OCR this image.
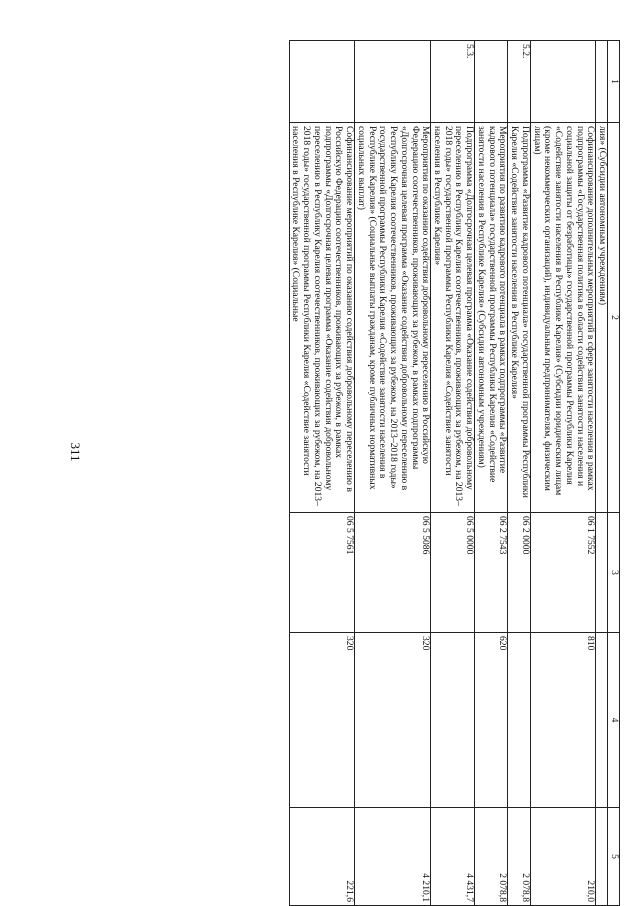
311
1	2	3	4	5
	лия» (Субсидии автономным учреждениям)			
	Софинансирование дополнительных мероприятий в сфере занятости населения в рамках подпрограммы «Государственная политика в области содействия занятости населения и социальной защиты от безработицы» государственной программы Республики Карелия «Содействие занятости населения в Республике Карелия» (Субсидии юридическим лицам (кроме некоммерческих организаций), индивидуальным предпринимателям, физическим лицам)	06 1 7552	810	210,0
5.2.	Подпрограмма «Развитие кадрового потенциала» государственной программы Республики Карелия «Содействие занятости населения в Республике Карелия»	06 2 0000		2 078,8
	Мероприятия по развитию кадрового потенциала в рамках подпрограммы «Развитие кадрового потенциала» государственной программы Республики Карелия «Содействие занятости населения в Республике Карелия» (Субсидии автономным учреждениям)	06 2 7543	620	2 078,8
5.3.	Подпрограмма «Долгосрочная целевая программа «Оказание содействия добровольному переселению в Республику Карелия соотечественников, проживающих за рубежом, на 2013–2018 годы» государственной программы Республики Карелия «Содействие занятости населения в Республике Карелия»	06 5 0000		4 431,7
	Мероприятия по оказанию содействия добровольному переселению в Российскую Федерацию соотечественников, проживающих за рубежом, в рамках подпрограммы «Долгосрочная целевая программа «Оказание содействия добровольному переселению в Республику Карелия соотечественников, проживающих за рубежом, на 2013–2018 годы» государственной программы Республики Карелия «Содействие занятости населения в Республике Карелия» (Социальные выплаты гражданам, кроме публичных нормативных социальных выплат)	06 5 5086	320	4 210,1
	Софинансирование мероприятий по оказанию содействия добровольному переселению в Российскую Федерацию соотечественников, проживающих за рубежом, в рамках подпрограммы «Долгосрочная целевая программа «Оказание содействия добровольному переселению в Республику Карелия соотечественников, проживающих за рубежом, на 2013–2018 годы» государственной программы Республики Карелия «Содействие занятости населения в Республике Карелия» (Социальные	06 5 7561	320	221,6
